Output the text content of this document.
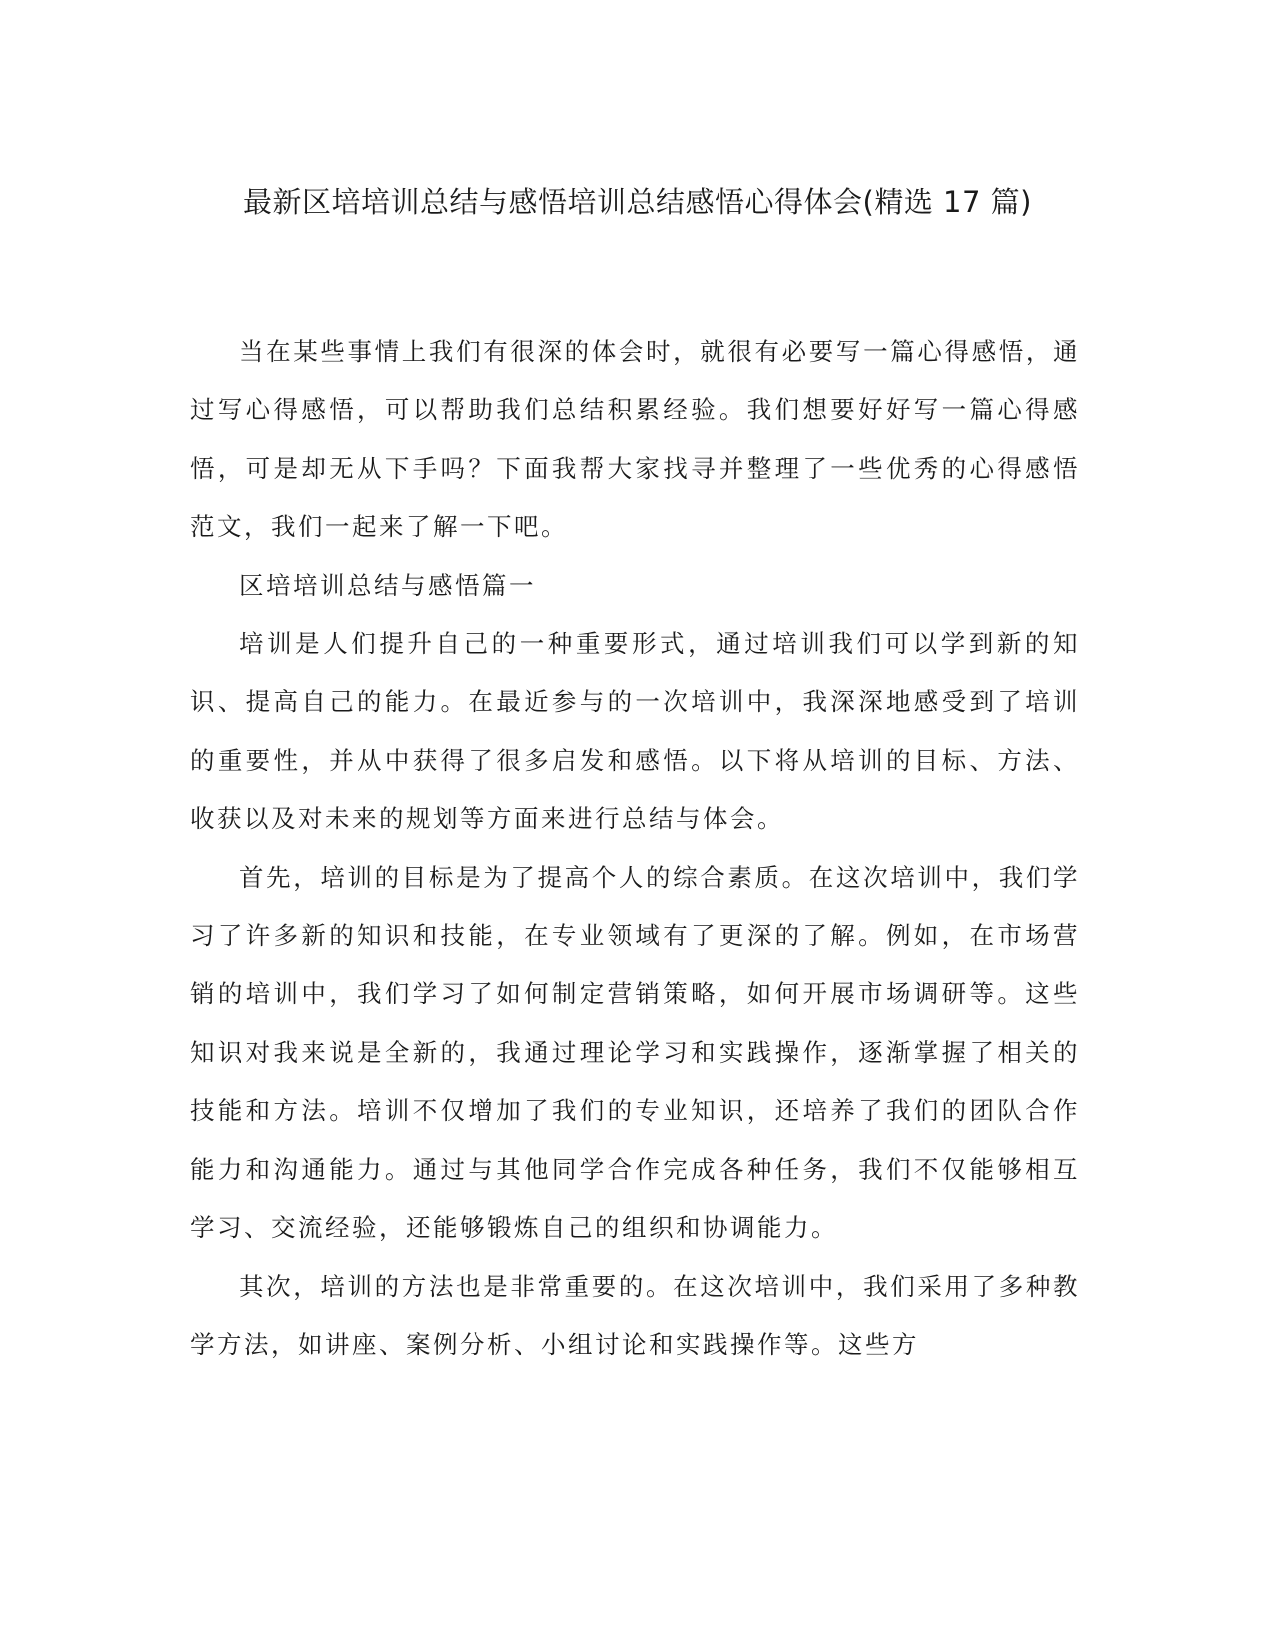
最新区培培训总结与感悟培训总结感悟心得体会(精选 17 篇)

当在某些事情上我们有很深的体会时，就很有必要写一篇心得感悟，通过写心得感悟，可以帮助我们总结积累经验。我们想要好好写一篇心得感悟，可是却无从下手吗？下面我帮大家找寻并整理了一些优秀的心得感悟范文，我们一起来了解一下吧。

区培培训总结与感悟篇一

培训是人们提升自己的一种重要形式，通过培训我们可以学到新的知识、提高自己的能力。在最近参与的一次培训中，我深深地感受到了培训的重要性，并从中获得了很多启发和感悟。以下将从培训的目标、方法、收获以及对未来的规划等方面来进行总结与体会。

首先，培训的目标是为了提高个人的综合素质。在这次培训中，我们学习了许多新的知识和技能，在专业领域有了更深的了解。例如，在市场营销的培训中，我们学习了如何制定营销策略，如何开展市场调研等。这些知识对我来说是全新的，我通过理论学习和实践操作，逐渐掌握了相关的技能和方法。培训不仅增加了我们的专业知识，还培养了我们的团队合作能力和沟通能力。通过与其他同学合作完成各种任务，我们不仅能够相互学习、交流经验，还能够锻炼自己的组织和协调能力。

其次，培训的方法也是非常重要的。在这次培训中，我们采用了多种教学方法，如讲座、案例分析、小组讨论和实践操作等。这些方
